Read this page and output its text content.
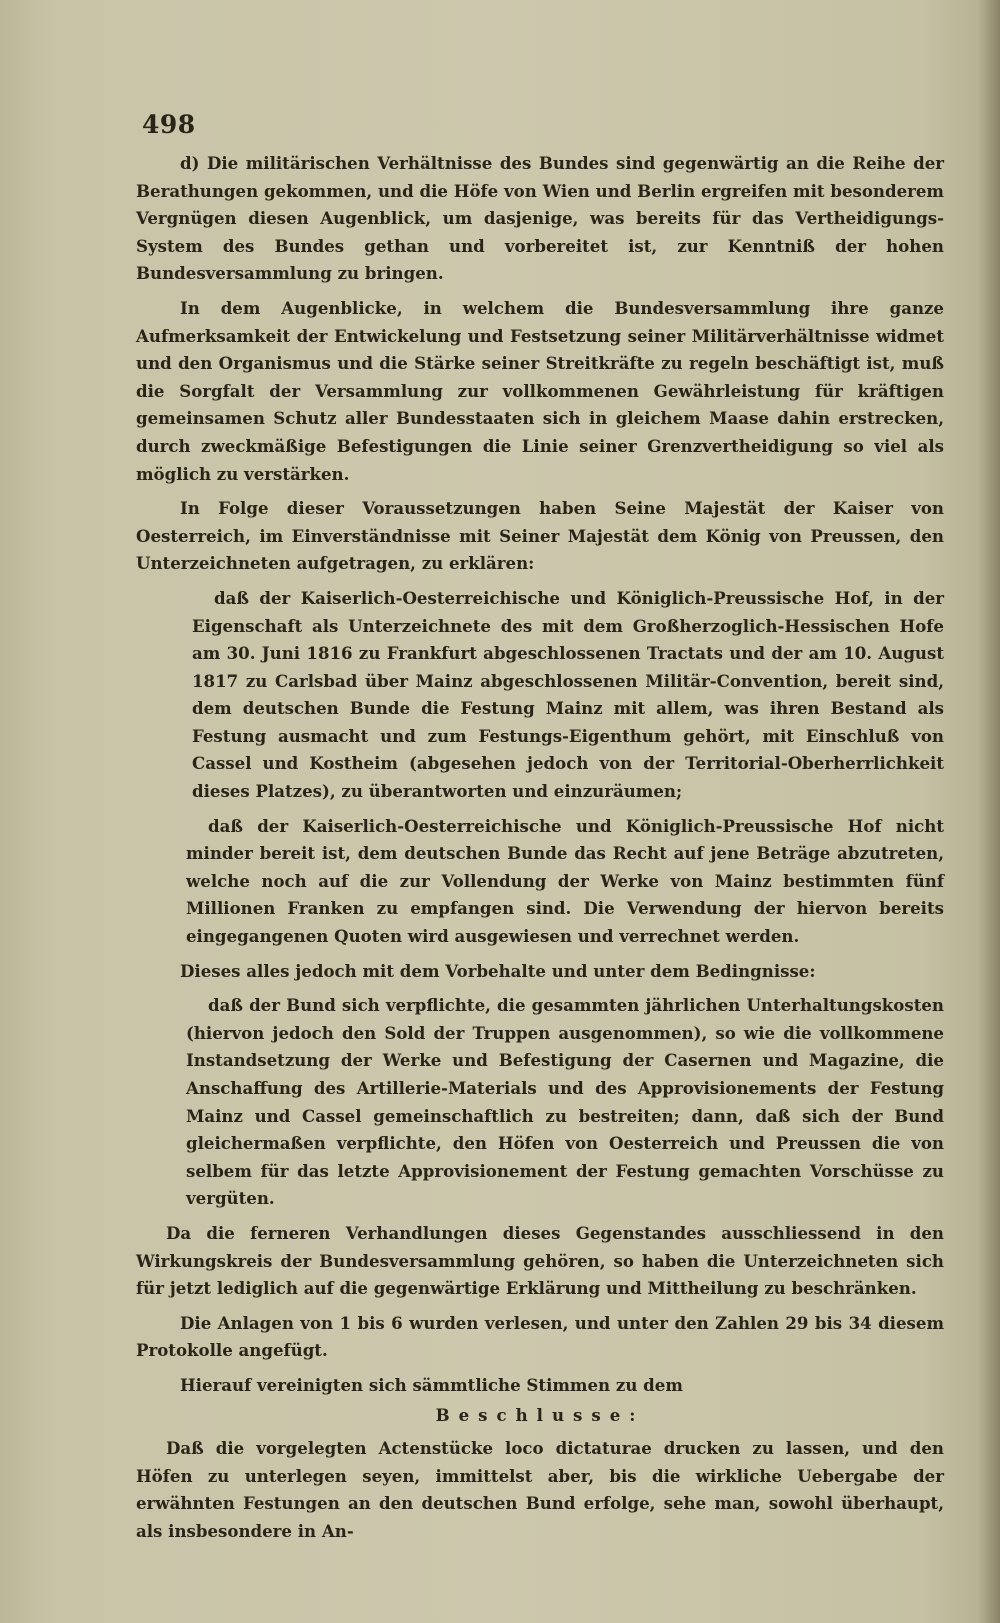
498

d) Die militärischen Verhältnisse des Bundes sind gegenwärtig an die Reihe der Berathungen gekommen, und die Höfe von Wien und Berlin ergreifen mit besonderem Vergnügen diesen Augenblick, um dasjenige, was bereits für das Vertheidigungs-System des Bundes gethan und vorbereitet ist, zur Kenntniß der hohen Bundesversammlung zu bringen.

In dem Augenblicke, in welchem die Bundesversammlung ihre ganze Aufmerksamkeit der Entwickelung und Festsetzung seiner Militärverhältnisse widmet und den Organismus und die Stärke seiner Streitkräfte zu regeln beschäftigt ist, muß die Sorgfalt der Versammlung zur vollkommenen Gewährleistung für kräftigen gemeinsamen Schutz aller Bundesstaaten sich in gleichem Maase dahin erstrecken, durch zweckmäßige Befestigungen die Linie seiner Grenzvertheidigung so viel als möglich zu verstärken.

In Folge dieser Voraussetzungen haben Seine Majestät der Kaiser von Oesterreich, im Einverständnisse mit Seiner Majestät dem König von Preussen, den Unterzeichneten aufgetragen, zu erklären:

daß der Kaiserlich-Oesterreichische und Königlich-Preussische Hof, in der Eigenschaft als Unterzeichnete des mit dem Großherzoglich-Hessischen Hofe am 30. Juni 1816 zu Frankfurt abgeschlossenen Tractats und der am 10. August 1817 zu Carlsbad über Mainz abgeschlossenen Militär-Convention, bereit sind, dem deutschen Bunde die Festung Mainz mit allem, was ihren Bestand als Festung ausmacht und zum Festungs-Eigenthum gehört, mit Einschluß von Cassel und Kostheim (abgesehen jedoch von der Territorial-Oberherrlichkeit dieses Platzes), zu überantworten und einzuräumen;

daß der Kaiserlich-Oesterreichische und Königlich-Preussische Hof nicht minder bereit ist, dem deutschen Bunde das Recht auf jene Beträge abzutreten, welche noch auf die zur Vollendung der Werke von Mainz bestimmten fünf Millionen Franken zu empfangen sind. Die Verwendung der hiervon bereits eingegangenen Quoten wird ausgewiesen und verrechnet werden.

Dieses alles jedoch mit dem Vorbehalte und unter dem Bedingnisse:

daß der Bund sich verpflichte, die gesammten jährlichen Unterhaltungskosten (hiervon jedoch den Sold der Truppen ausgenommen), so wie die vollkommene Instandsetzung der Werke und Befestigung der Casernen und Magazine, die Anschaffung des Artillerie-Materials und des Approvisionements der Festung Mainz und Cassel gemeinschaftlich zu bestreiten; dann, daß sich der Bund gleichermaßen verpflichte, den Höfen von Oesterreich und Preussen die von selbem für das letzte Approvisionement der Festung gemachten Vorschüsse zu vergüten.

Da die ferneren Verhandlungen dieses Gegenstandes ausschliessend in den Wirkungskreis der Bundesversammlung gehören, so haben die Unterzeichneten sich für jetzt lediglich auf die gegenwärtige Erklärung und Mittheilung zu beschränken.

Die Anlagen von 1 bis 6 wurden verlesen, und unter den Zahlen 29 bis 34 diesem Protokolle angefügt.

Hierauf vereinigten sich sämmtliche Stimmen zu dem

Beschlusse:

Daß die vorgelegten Actenstücke loco dictaturae drucken zu lassen, und den Höfen zu unterlegen seyen, immittelst aber, bis die wirkliche Uebergabe der erwähnten Festungen an den deutschen Bund erfolge, sehe man, sowohl überhaupt, als insbesondere in An-
